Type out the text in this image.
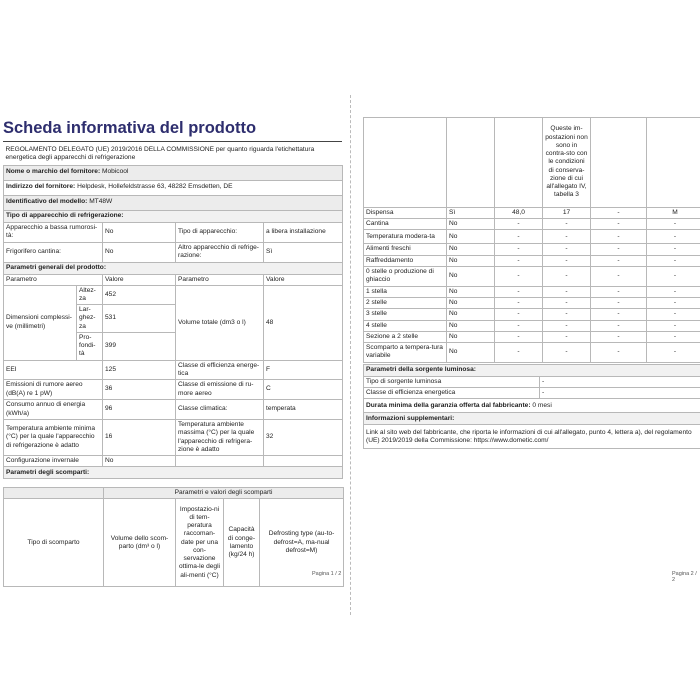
Scheda informativa del prodotto
REGOLAMENTO DELEGATO (UE) 2019/2016 DELLA COMMISSIONE per quanto riguarda l'etichettatura energetica degli apparecchi di refrigerazione				
Nome o marchio del fornitore: Mobicool				
Indirizzo del fornitore: Helpdesk, Hollefeldstrasse 63, 48282 Emsdetten, DE				
Identificativo del modello: MT48W				
Tipo di apparecchio di refrigerazione:				
Apparecchio a bassa rumorosi-tà:		No	Tipo di apparecchio:	a libera installazione
Frigorifero cantina:		No	Altro apparecchio di refrige-razione:	Sì
Parametri generali del prodotto:				
Parametro		Valore	Parametro	Valore
Dimensioni complessi-ve (millimetri)	Altez-za	452	Volume totale (dm3 o l)	48
	Lar-ghez-za	531		
	Pro-fondi-tà	399		
EEI		125	Classe di efficienza energe-tica	F
Emissioni di rumore aereo (dB(A) re 1 pW)		36	Classe di emissione di ru-more aereo	C
Consumo annuo di energia (kWh/a)		96	Classe climatica:	temperata
Temperatura ambiente minima (°C) per la quale l'apparecchio di refrigerazione è adatto		16	Temperatura ambiente massima (°C) per la quale l'apparecchio di refrigera-zione è adatto	32
Configurazione invernale		No		
Parametri degli scomparti:				
	Parametri e valori degli scomparti			
Tipo di scomparto	Volume dello scom-parto (dm³ o l)	Impostazio-ni di tem-peratura raccoman-date per una con-servazione ottima-le degli ali-menti (°C)	Capacità di conge-lamento (kg/24 h)	Defrosting type (au-to-defrost=A, ma-nual defrost=M)
Pagina 1 / 2
			Queste im-postazioni non sono in contra-sto con le condizioni di conserva-zione di cui all'allegato IV, tabella 3		
Dispensa	Sì	48,0	17	-	M
Cantina	No	-	-	-	-
Temperatura modera-ta	No	-	-	-	-
Alimenti freschi	No	-	-	-	-
Raffreddamento	No	-	-	-	-
0 stelle o produzione di ghiaccio	No	-	-	-	-
1 stella	No	-	-	-	-
2 stelle	No	-	-	-	-
3 stelle	No	-	-	-	-
4 stelle	No	-	-	-	-
Sezione a 2 stelle	No	-	-	-	-
Scomparto a tempera-tura variabile	No	-	-	-	-
Parametri della sorgente luminosa:	
Tipo di sorgente luminosa	-
Classe di efficienza energetica	-
Durata minima della garanzia offerta dal fabbricante: 0 mesi	
Informazioni supplementari:	
Link al sito web del fabbricante, che riporta le informazioni di cui all'allegato, punto 4, lettera a), del regolamento (UE) 2019/2019 della Commissione: https://www.dometic.com/	
Pagina 2 / 2
